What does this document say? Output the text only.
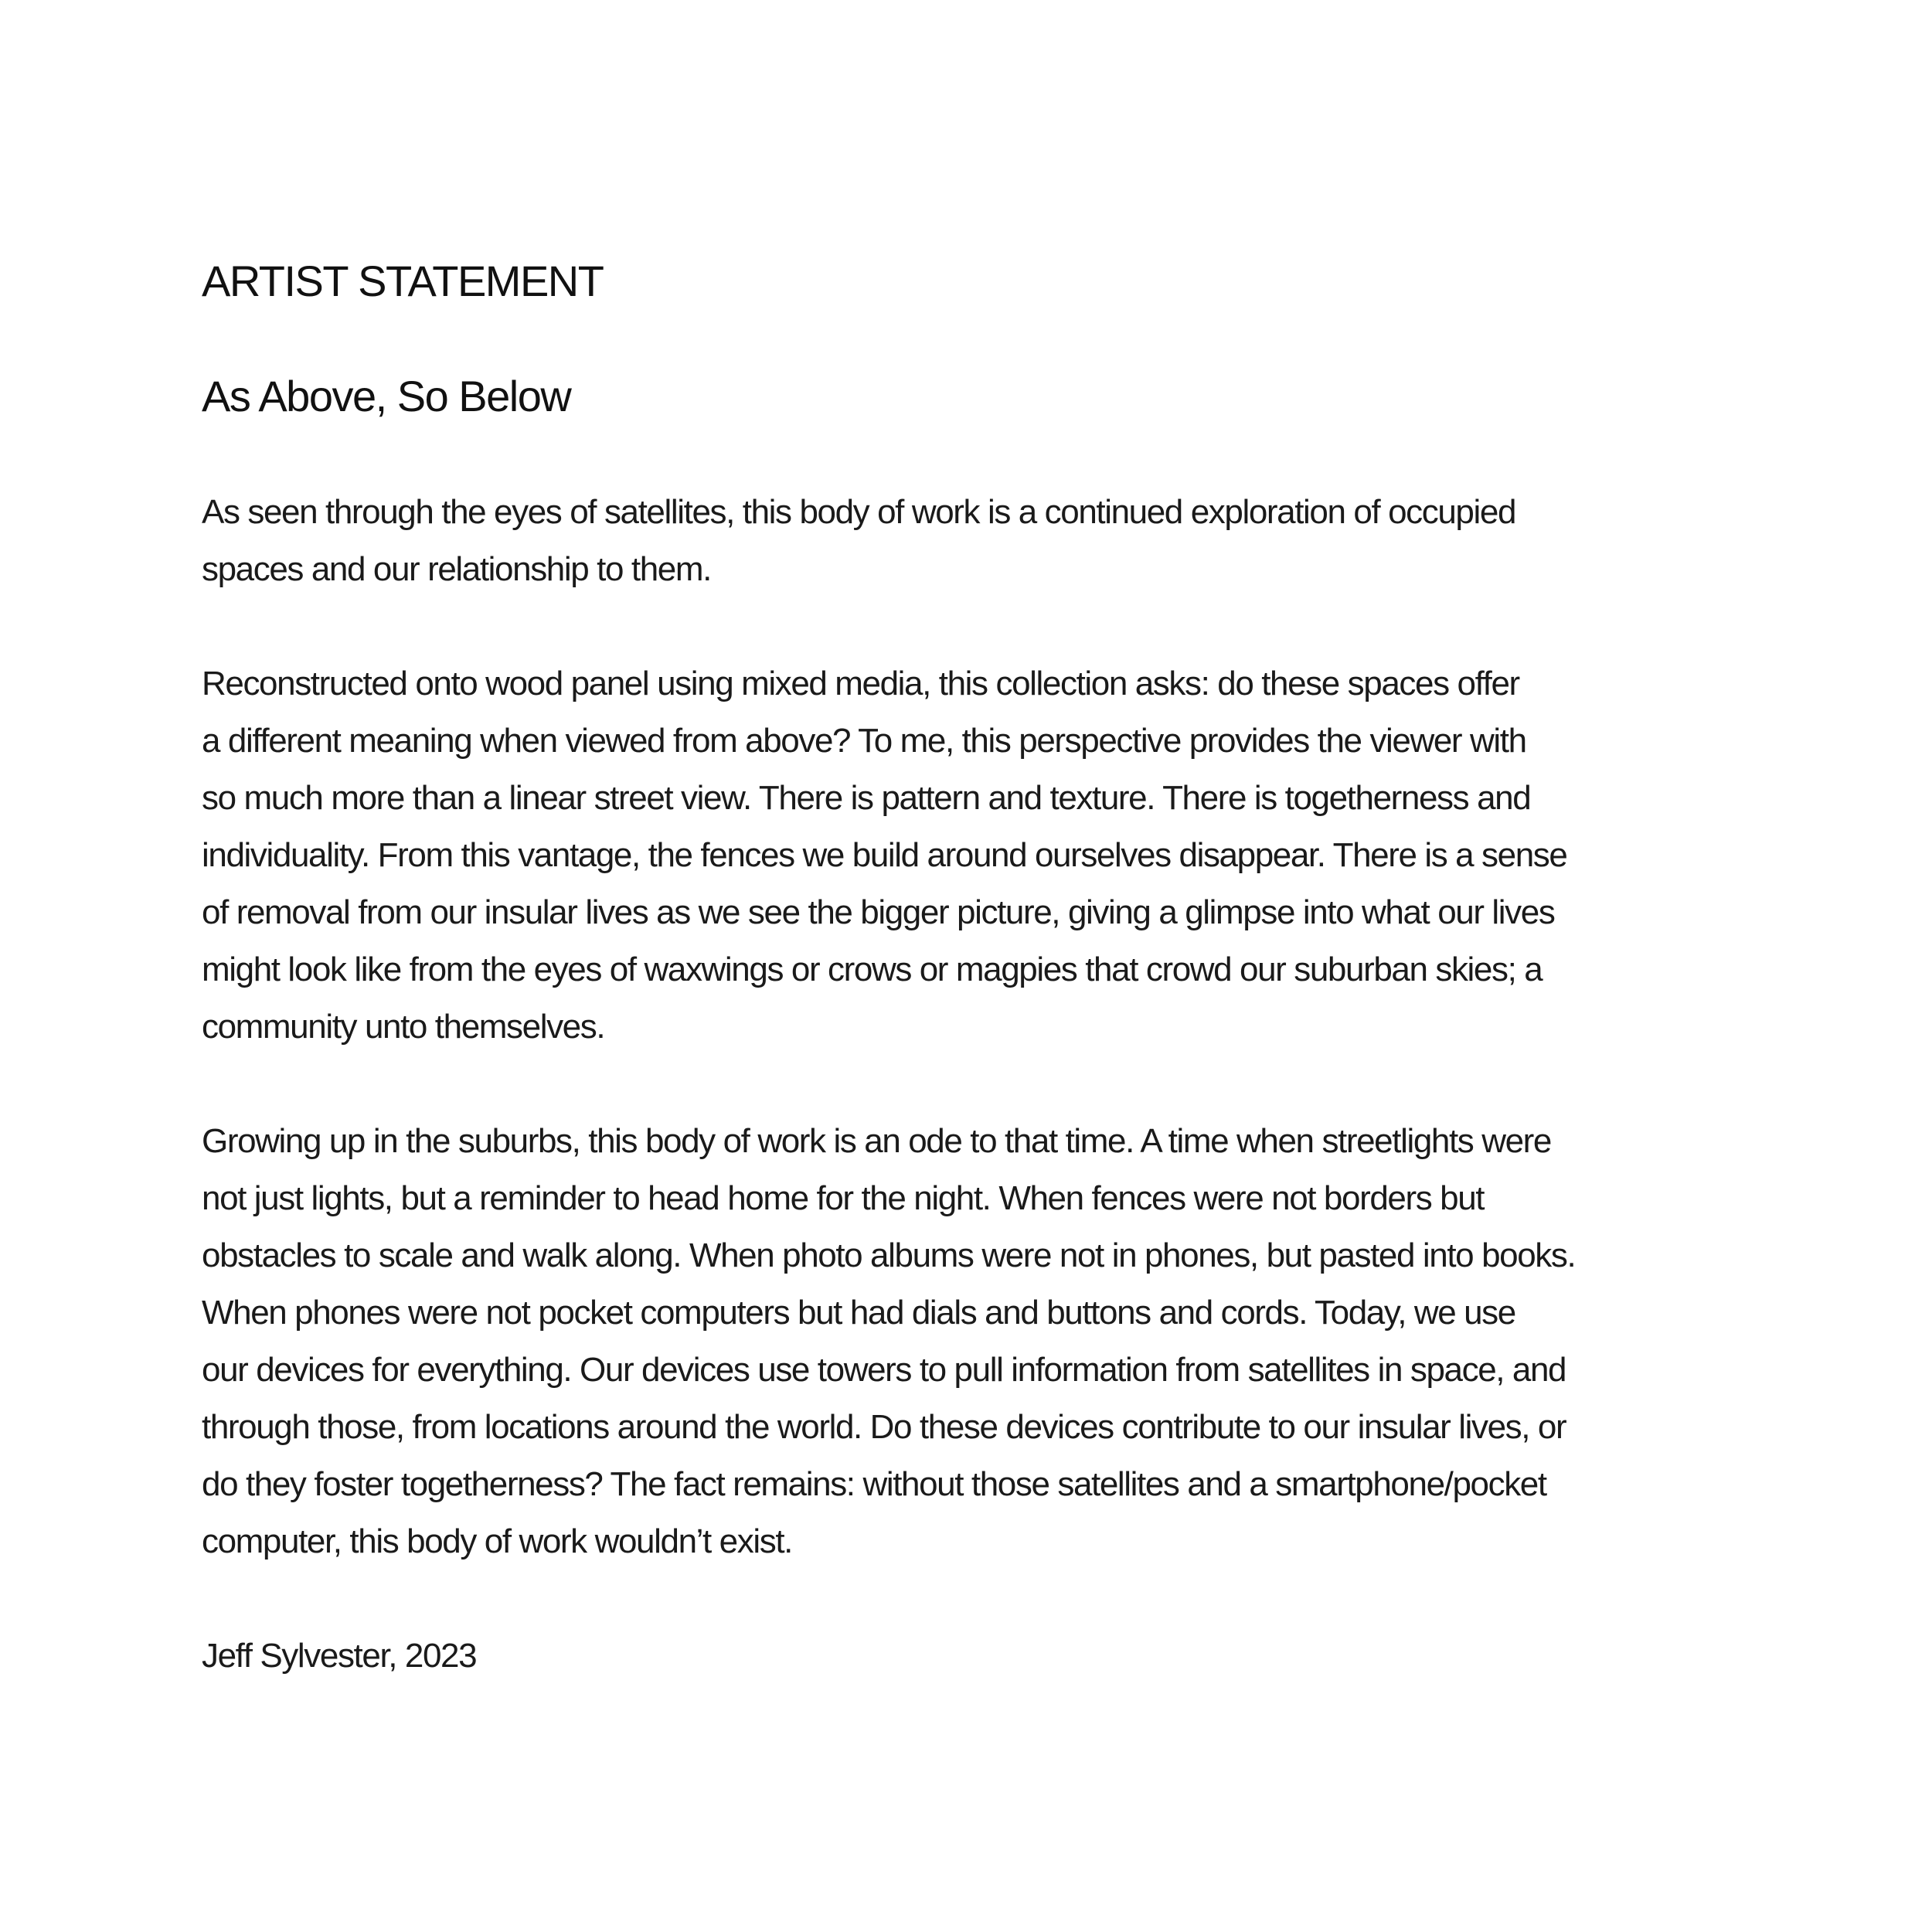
ARTIST STATEMENT
As Above, So Below

As seen through the eyes of satellites, this body of work is a continued exploration of occupied
spaces and our relationship to them.

Reconstructed onto wood panel using mixed media, this collection asks: do these spaces offer
a different meaning when viewed from above? To me, this perspective provides the viewer with
so much more than a linear street view. There is pattern and texture. There is togetherness and
individuality. From this vantage, the fences we build around ourselves disappear. There is a sense
of removal from our insular lives as we see the bigger picture, giving a glimpse into what our lives
might look like from the eyes of waxwings or crows or magpies that crowd our suburban skies; a
community unto themselves.

Growing up in the suburbs, this body of work is an ode to that time. A time when streetlights were
not just lights, but a reminder to head home for the night. When fences were not borders but
obstacles to scale and walk along. When photo albums were not in phones, but pasted into books.
When phones were not pocket computers but had dials and buttons and cords. Today, we use
our devices for everything. Our devices use towers to pull information from satellites in space, and
through those, from locations around the world. Do these devices contribute to our insular lives, or
do they foster togetherness? The fact remains: without those satellites and a smartphone/pocket
computer, this body of work wouldn’t exist.

Jeff Sylvester, 2023
